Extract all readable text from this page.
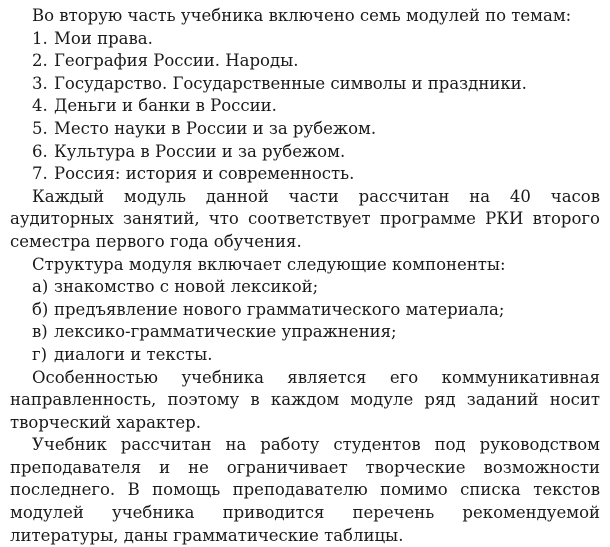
Во вторую часть учебника включено семь модулей по темам:

1. Мои права.
2. География России. Народы.
3. Государство. Государственные символы и праздники.
4. Деньги и банки в России.
5. Место науки в России и за рубежом.
6. Культура в России и за рубежом.
7. Россия: история и современность.

Каждый модуль данной части рассчитан на 40 часов аудиторных занятий, что соответствует программе РКИ второго семестра первого года обучения.

Структура модуля включает следующие компоненты:

а) знакомство с новой лексикой;
б) предъявление нового грамматического материала;
в) лексико-грамматические упражнения;
г) диалоги и тексты.

Особенностью учебника является его коммуникативная направленность, поэтому в каждом модуле ряд заданий носит творческий характер.

Учебник рассчитан на работу студентов под руководством преподавателя и не ограничивает творческие возможности последнего. В помощь преподавателю помимо списка текстов модулей учебника приводится перечень рекомендуемой литературы, даны грамматические таблицы.
